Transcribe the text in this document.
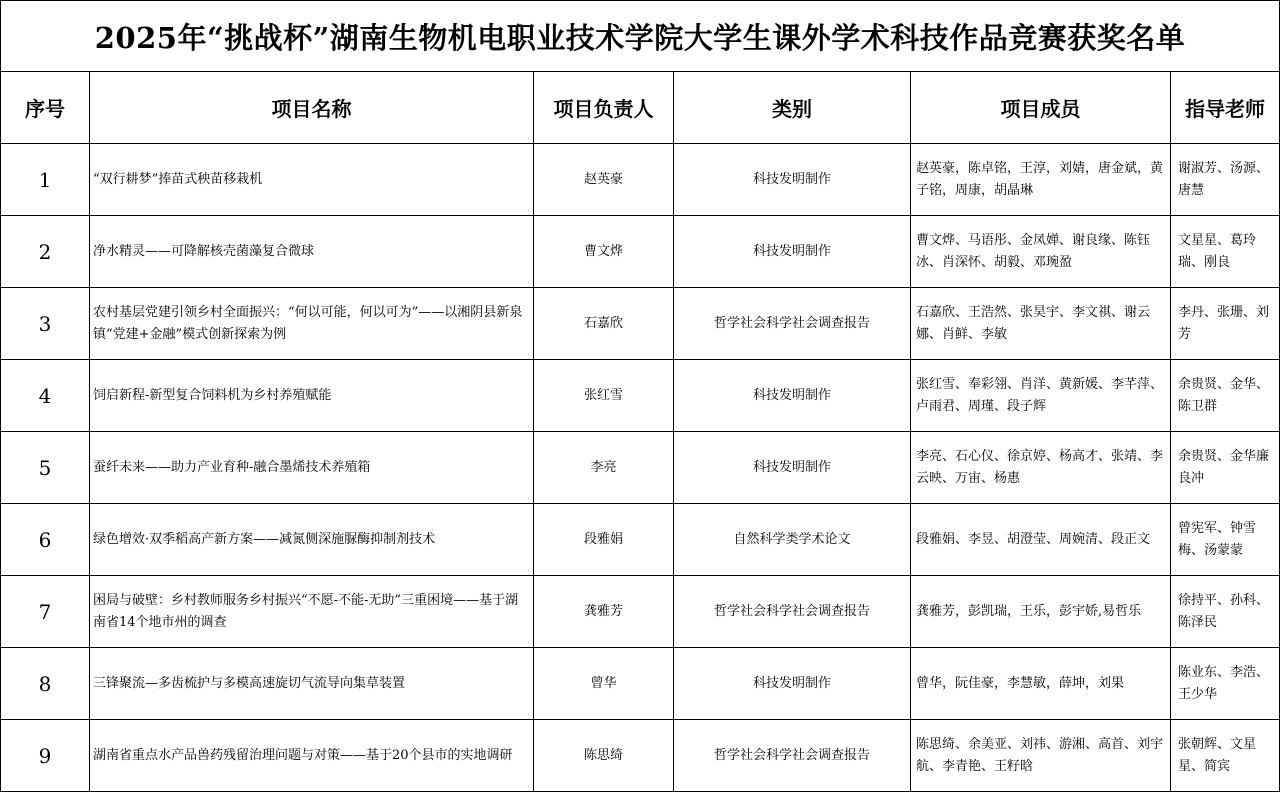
2025年“挑战杯”湖南生物机电职业技术学院大学生课外学术科技作品竞赛获奖名单					
序号	项目名称	项目负责人	类别	项目成员	指导老师
1	“双行耕梦”捧苗式秧苗移栽机	赵英豪	科技发明制作	赵英豪，陈卓铭，王淳，刘婧，唐金斌，黄子铭，周康，胡晶琳	谢淑芳、汤源、唐慧
2	净水精灵——可降解核壳菌藻复合微球	曹文烨	科技发明制作	曹文烨、马语彤、金凤婵、谢良缘、陈钰冰、肖深怀、胡毅、邓琬盈	文星星、葛玲瑞、刚良
3	农村基层党建引领乡村全面振兴：“何以可能，何以可为”——以湘阴县新泉镇“党建+金融”模式创新探索为例	石嘉欣	哲学社会科学社会调查报告	石嘉欣、王浩然、张昊宇、李文祺、谢云娜、肖鲜、李敏	李丹、张珊、刘芳
4	饲启新程-新型复合饲料机为乡村养殖赋能	张红雪	科技发明制作	张红雪、奉彩翎、肖洋、黄新媛、李芊萍、卢雨君、周瑾、段子辉	余贵贤、金华、陈卫群
5	蚕纤未来——助力产业育种-融合墨烯技术养殖箱	李亮	科技发明制作	李亮、石心仪、徐京婷、杨高才、张靖、李云映、万宙、杨惠	余贵贤、金华廉良冲
6	绿色增效·双季稻高产新方案——减氮侧深施脲酶抑制剂技术	段雅娟	自然科学类学术论文	段雅娟、李昱、胡澄莹、周婉清、段正文	曾宪军、钟雪梅、汤蒙蒙
7	困局与破壁：乡村教师服务乡村振兴“不愿-不能-无助”三重困境——基于湖南省14个地市州的调查	龚雅芳	哲学社会科学社会调查报告	龚雅芳，彭凯瑞，王乐，彭宇娇,易哲乐	徐持平、孙科、陈泽民
8	三锋聚流—多齿梳护与多模高速旋切气流导向集草装置	曾华	科技发明制作	曾华，阮佳豪，李慧敏，薛坤，刘果	陈业东、李浩、王少华
9	湖南省重点水产品兽药残留治理问题与对策——基于20个县市的实地调研	陈思绮	哲学社会科学社会调查报告	陈思绮、余美亚、刘祎、游湘、高首、刘宇航、李青艳、王籽晗	张朝辉、文星星、简宾
